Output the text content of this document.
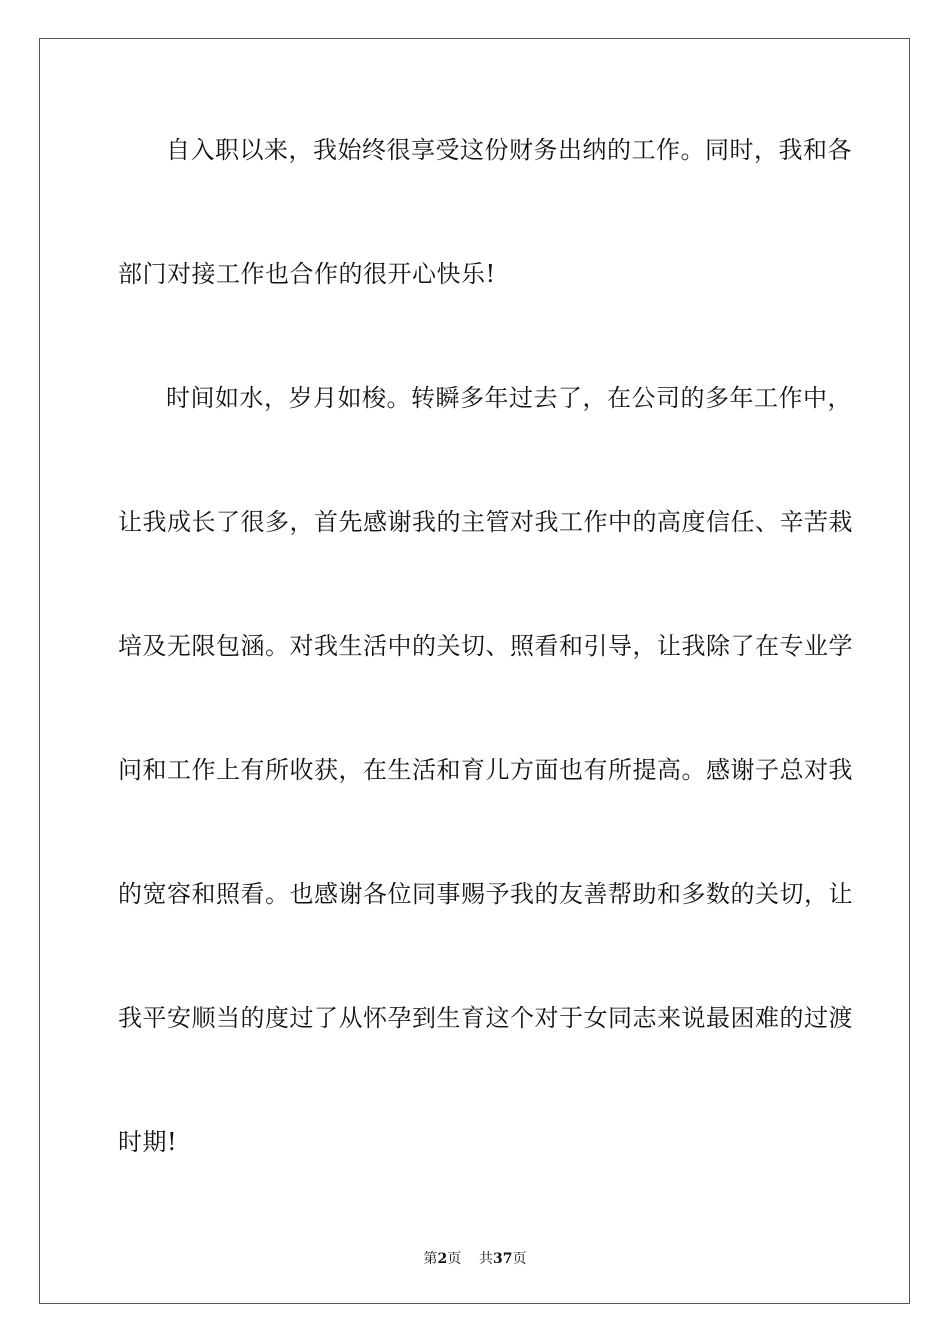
自入职以来，我始终很享受这份财务出纳的工作。同时，我和各
部门对接工作也合作的很开心快乐!
时间如水，岁月如梭。转瞬多年过去了，在公司的多年工作中，
让我成长了很多，首先感谢我的主管对我工作中的高度信任、辛苦栽
培及无限包涵。对我生活中的关切、照看和引导，让我除了在专业学
问和工作上有所收获，在生活和育儿方面也有所提高。感谢子总对我
的宽容和照看。也感谢各位同事赐予我的友善帮助和多数的关切，让
我平安顺当的度过了从怀孕到生育这个对于女同志来说最困难的过渡
时期!
第2页 共37页
